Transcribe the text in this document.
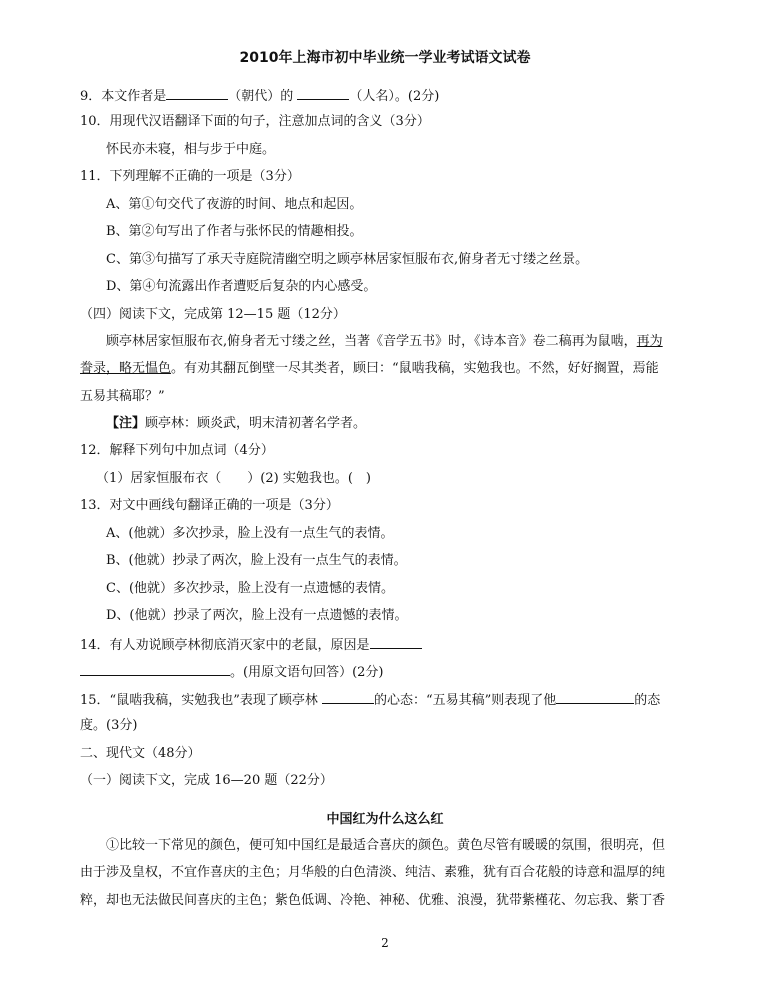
2010年上海市初中毕业统一学业考试语文试卷
9．本文作者是	（朝代）的	（人名）。(2分)
10．用现代汉语翻译下面的句子，注意加点词的含义（3分）
怀民亦未寝，相与步于中庭。
11．下列理解不正确的一项是（3分）
A、第①句交代了夜游的时间、地点和起因。
B、第②句写出了作者与张怀民的情趣相投。
C、第③句描写了承天寺庭院清幽空明之顾亭林居家恒服布衣,俯身者无寸缕之丝景。
D、第④句流露出作者遭贬后复杂的内心感受。
（四）阅读下文，完成第 12—15 题（12分）
顾亭林居家恒服布衣,俯身者无寸缕之丝，当著《音学五书》时，《诗本音》卷二稿再为鼠啮，再为
誊录，略无愠色。有劝其翻瓦倒壁一尽其类者，顾曰：“鼠啮我稿，实勉我也。不然，好好搁置，焉能
五易其稿耶？”
【注】顾亭林：顾炎武，明末清初著名学者。
12．解释下列句中加点词（4分）
（1）居家恒服布衣（　　）(2) 实勉我也。(　)
13．对文中画线句翻译正确的一项是（3分）
A、(他就）多次抄录，脸上没有一点生气的表情。
B、(他就）抄录了两次，脸上没有一点生气的表情。
C、(他就）多次抄录，脸上没有一点遗憾的表情。
D、(他就）抄录了两次，脸上没有一点遗憾的表情。
14．有人劝说顾亭林彻底消灭家中的老鼠，原因是
。(用原文语句回答）(2分)
15．“鼠啮我稿，实勉我也”表现了顾亭林	的心态：“五易其稿”则表现了他	的态
度。(3分)
二、现代文（48分）
（一）阅读下文，完成 16—20 题（22分）
中国红为什么这么红
①比较一下常见的颜色，便可知中国红是最适合喜庆的颜色。黄色尽管有暖暖的氛围，很明亮，但
由于涉及皇权，不宜作喜庆的主色；月华般的白色清淡、纯洁、素雅，犹有百合花般的诗意和温厚的纯
粹，却也无法做民间喜庆的主色；紫色低调、冷艳、神秘、优雅、浪漫，犹带紫槿花、勿忘我、紫丁香
2
